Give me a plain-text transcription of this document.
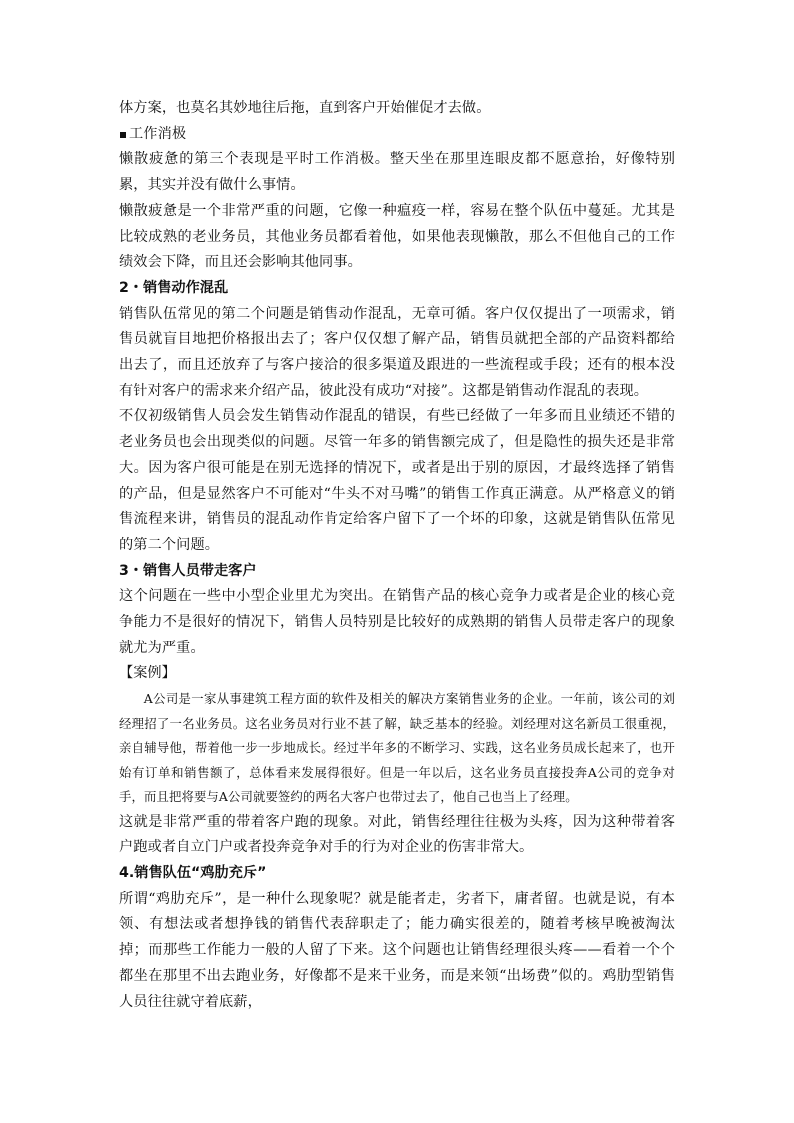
体方案，也莫名其妙地往后拖，直到客户开始催促才去做。

工作消极

懒散疲惫的第三个表现是平时工作消极。整天坐在那里连眼皮都不愿意抬，好像特别累，其实并没有做什么事情。

懒散疲惫是一个非常严重的问题，它像一种瘟疫一样，容易在整个队伍中蔓延。尤其是比较成熟的老业务员，其他业务员都看着他，如果他表现懒散，那么不但他自己的工作绩效会下降，而且还会影响其他同事。

2・销售动作混乱

销售队伍常见的第二个问题是销售动作混乱，无章可循。客户仅仅提出了一项需求，销售员就盲目地把价格报出去了；客户仅仅想了解产品，销售员就把全部的产品资料都给出去了，而且还放弃了与客户接洽的很多渠道及跟进的一些流程或手段；还有的根本没有针对客户的需求来介绍产品，彼此没有成功“对接”。这都是销售动作混乱的表现。

不仅初级销售人员会发生销售动作混乱的错误，有些已经做了一年多而且业绩还不错的老业务员也会出现类似的问题。尽管一年多的销售额完成了，但是隐性的损失还是非常大。因为客户很可能是在别无选择的情况下，或者是出于别的原因，才最终选择了销售的产品，但是显然客户不可能对“牛头不对马嘴”的销售工作真正满意。从严格意义的销售流程来讲，销售员的混乱动作肯定给客户留下了一个坏的印象，这就是销售队伍常见的第二个问题。

3・销售人员带走客户

这个问题在一些中小型企业里尤为突出。在销售产品的核心竞争力或者是企业的核心竞争能力不是很好的情况下，销售人员特别是比较好的成熟期的销售人员带走客户的现象就尤为严重。

【案例】

A公司是一家从事建筑工程方面的软件及相关的解决方案销售业务的企业。一年前，该公司的刘经理招了一名业务员。这名业务员对行业不甚了解，缺乏基本的经验。刘经理对这名新员工很重视，亲自辅导他，帮着他一步一步地成长。经过半年多的不断学习、实践，这名业务员成长起来了，也开始有订单和销售额了，总体看来发展得很好。但是一年以后，这名业务员直接投奔A公司的竞争对手，而且把将要与A公司就要签约的两名大客户也带过去了，他自己也当上了经理。

这就是非常严重的带着客户跑的现象。对此，销售经理往往极为头疼，因为这种带着客户跑或者自立门户或者投奔竞争对手的行为对企业的伤害非常大。

4.销售队伍“鸡肋充斥”

所谓“鸡肋充斥”，是一种什么现象呢？就是能者走，劣者下，庸者留。也就是说，有本领、有想法或者想挣钱的销售代表辞职走了；能力确实很差的，随着考核早晚被淘汰掉；而那些工作能力一般的人留了下来。这个问题也让销售经理很头疼——看着一个个都坐在那里不出去跑业务，好像都不是来干业务，而是来领“出场费”似的。鸡肋型销售人员往往就守着底薪，
